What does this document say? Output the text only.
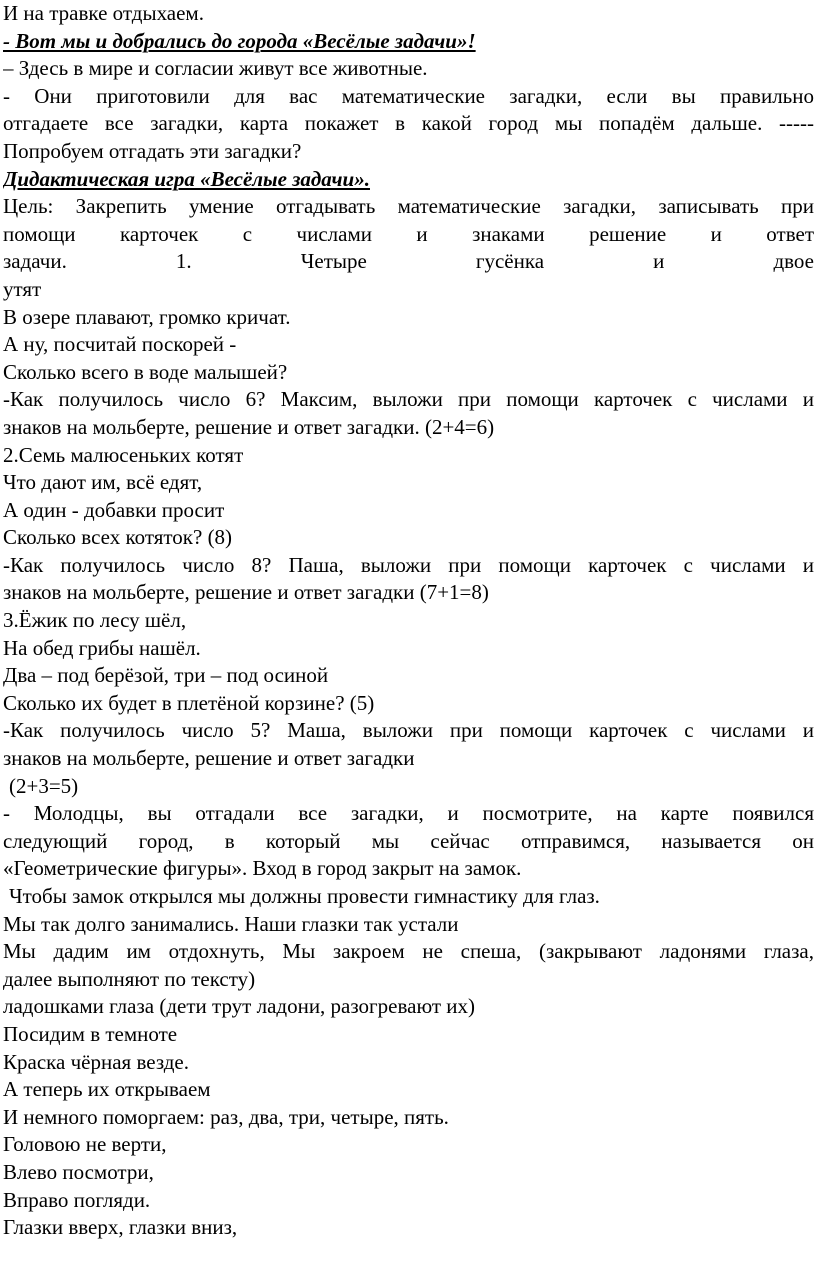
И на травке отдыхаем.

- Вот мы и добрались до города «Весёлые задачи»!

– Здесь в мире и согласии живут все животные.

- Они приготовили для вас математические загадки, если вы правильно

отгадаете все загадки, карта покажет в какой город мы попадём дальше. -----

Попробуем отгадать эти загадки?

Дидактическая игра «Весёлые задачи».

Цель: Закрепить умение отгадывать математические загадки, записывать при

помощи карточек с числами и знаками решение и ответ

задачи. 1. Четыре гусёнка и двое

утят

В озере плавают, громко кричат.

А ну, посчитай поскорей -

Сколько всего в воде малышей?

-Как получилось число 6? Максим, выложи при помощи карточек с числами и

знаков на мольберте, решение и ответ загадки. (2+4=6)

2.Семь малюсеньких котят

Что дают им, всё едят,

А один - добавки просит

Сколько всех котяток? (8)

-Как получилось число 8? Паша, выложи при помощи карточек с числами и

знаков на мольберте, решение и ответ загадки (7+1=8)

3.Ёжик по лесу шёл,

На обед грибы нашёл.

Два – под берёзой, три – под осиной

Сколько их будет в плетёной корзине? (5)

-Как получилось число 5? Маша, выложи при помощи карточек с числами и

знаков на мольберте, решение и ответ загадки

(2+3=5)

- Молодцы, вы отгадали все загадки, и посмотрите, на карте появился

следующий город, в который мы сейчас отправимся, называется он

«Геометрические фигуры». Вход в город закрыт на замок.

Чтобы замок открылся мы должны провести гимнастику для глаз.

Мы так долго занимались. Наши глазки так устали

Мы дадим им отдохнуть, Мы закроем не спеша, (закрывают ладонями глаза,

далее выполняют по тексту)

ладошками глаза (дети трут ладони, разогревают их)

Посидим в темноте

Краска чёрная везде.

А теперь их открываем

И немного поморгаем: раз, два, три, четыре, пять.

Головою не верти,

Влево посмотри,

Вправо погляди.

Глазки вверх, глазки вниз,
